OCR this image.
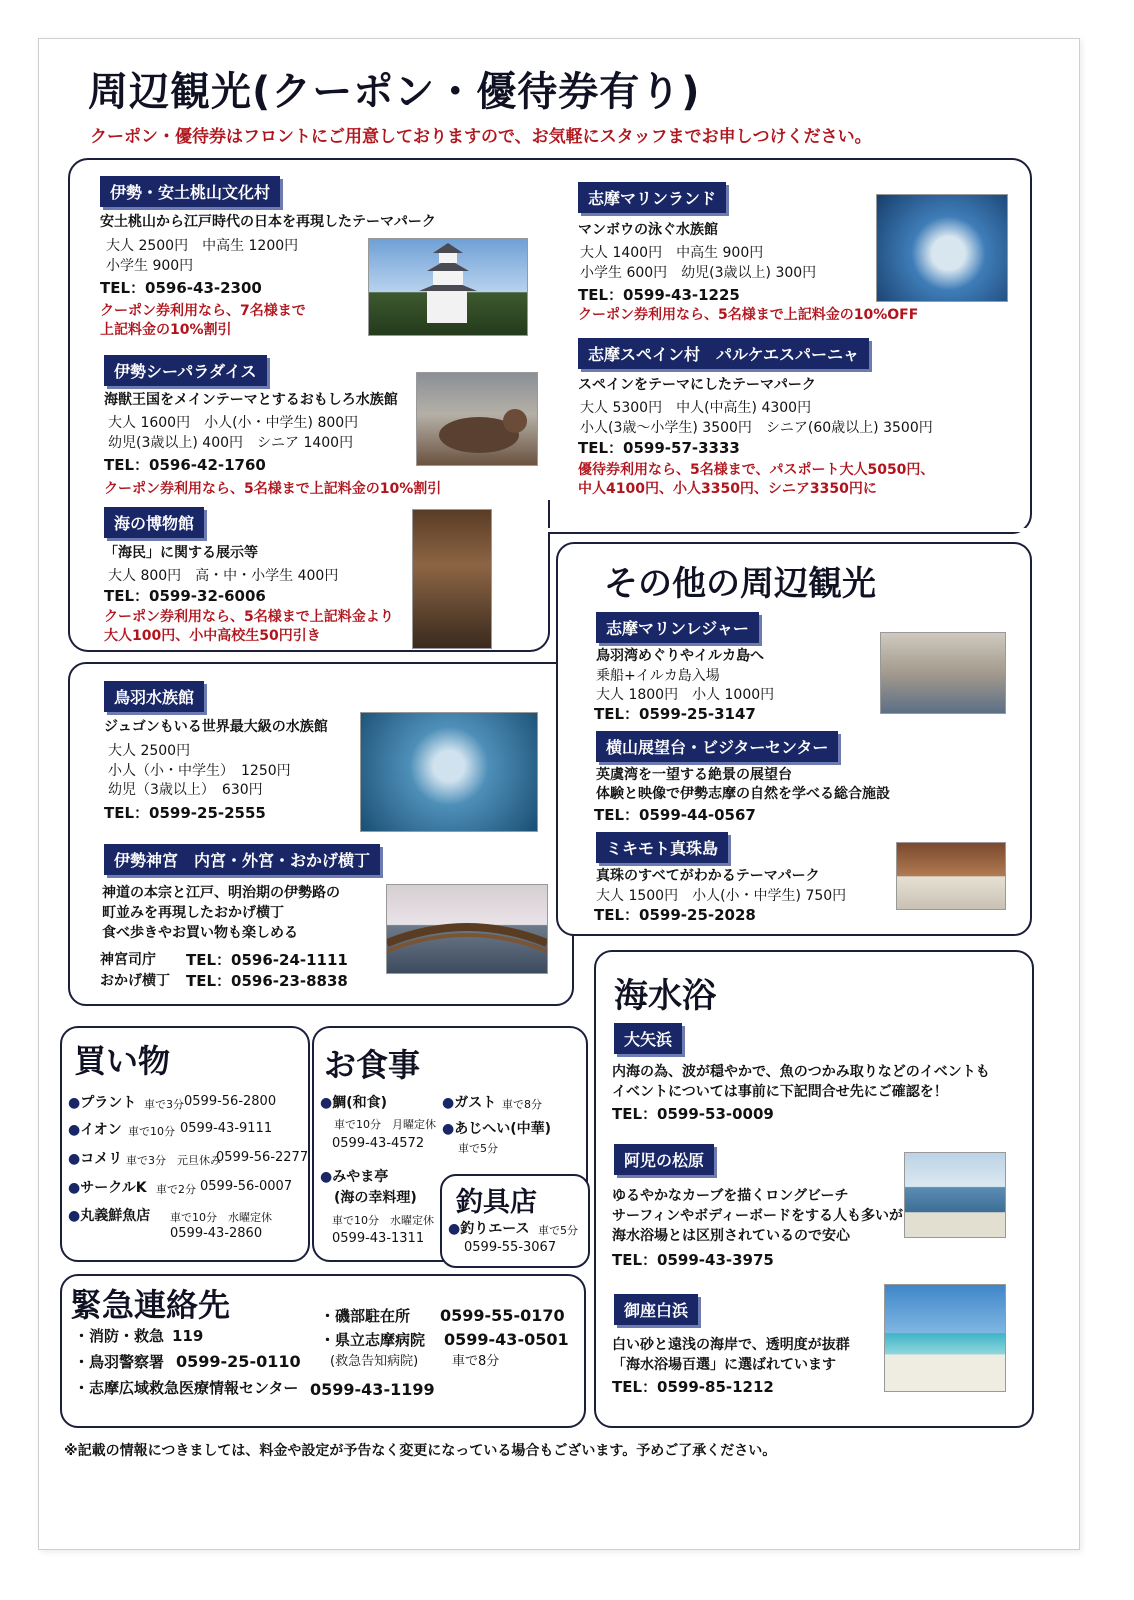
周辺観光(クーポン・優待券有り)
クーポン・優待券はフロントにご用意しておりますので、お気軽にスタッフまでお申しつけください。
伊勢・安土桃山文化村
安土桃山から江戸時代の日本を再現したテーマパーク
大人 2500円　中高生 1200円
小学生 900円
TEL：0596-43-2300
クーポン券利用なら、7名様まで
上記料金の10%割引
伊勢シーパラダイス
海獣王国をメインテーマとするおもしろ水族館
大人 1600円　小人(小・中学生) 800円
幼児(3歳以上) 400円　シニア 1400円
TEL：0596-42-1760
クーポン券利用なら、5名様まで上記料金の10%割引
海の博物館
「海民」に関する展示等
大人 800円　高・中・小学生 400円
TEL：0599-32-6006
クーポン券利用なら、5名様まで上記料金より
大人100円、小中高校生50円引き
志摩マリンランド
マンボウの泳ぐ水族館
大人 1400円　中高生 900円
小学生 600円　幼児(3歳以上) 300円
TEL：0599-43-1225
クーポン券利用なら、5名様まで上記料金の10%OFF
志摩スペイン村　パルケエスパーニャ
スペインをテーマにしたテーマパーク
大人 5300円　中人(中高生) 4300円
小人(3歳～小学生) 3500円　シニア(60歳以上) 3500円
TEL：0599-57-3333
優待券利用なら、5名様まで、パスポート大人5050円、
中人4100円、小人3350円、シニア3350円に
鳥羽水族館
ジュゴンもいる世界最大級の水族館
大人 2500円
小人（小・中学生）　1250円
幼児（3歳以上）　630円
TEL：0599-25-2555
伊勢神宮　内宮・外宮・おかげ横丁
神道の本宗と江戸、明治期の伊勢路の
町並みを再現したおかげ横丁
食べ歩きやお買い物も楽しめる
神宮司庁 TEL：0596-24-1111
おかげ横丁 TEL：0596-23-8838
その他の周辺観光
志摩マリンレジャー
鳥羽湾めぐりやイルカ島へ
乗船+イルカ島入場
大人 1800円　小人 1000円
TEL：0599-25-3147
横山展望台・ビジターセンター
英虞湾を一望する絶景の展望台
体験と映像で伊勢志摩の自然を学べる総合施設
TEL：0599-44-0567
ミキモト真珠島
真珠のすべてがわかるテーマパーク
大人 1500円　小人(小・中学生) 750円
TEL：0599-25-2028
海水浴
大矢浜
内海の為、波が穏やかで、魚のつかみ取りなどのイベントも
イベントについては事前に下記問合せ先にご確認を！
TEL：0599-53-0009
阿児の松原
ゆるやかなカーブを描くロングビーチ
サーフィンやボディーボードをする人も多いが
海水浴場とは区別されているので安心
TEL：0599-43-3975
御座白浜
白い砂と遠浅の海岸で、透明度が抜群
「海水浴場百選」に選ばれています
TEL：0599-85-1212
買い物
●プラント 車で3分 0599-56-2800
●イオン 車で10分 0599-43-9111
●コメリ 車で3分　元旦休み
0599-56-2277
●サークルK 車で2分 0599-56-0007
●丸義鮮魚店 車で10分　水曜定休
0599-43-2860
お食事
●鯛(和食)
車で10分　月曜定休
0599-43-4572
●ガスト 車で8分
●あじへい(中華)
車で5分
●みやま亭
(海の幸料理)
車で10分　水曜定休
0599-43-1311
釣具店
●釣りエース 車で5分
0599-55-3067
緊急連絡先
・消防・救急 119
・鳥羽警察署 0599-25-0110
・志摩広域救急医療情報センター 0599-43-1199
・磯部駐在所 0599-55-0170
・県立志摩病院 0599-43-0501
(救急告知病院)	車で8分
※記載の情報につきましては、料金や設定が予告なく変更になっている場合もございます。予めご了承ください。
